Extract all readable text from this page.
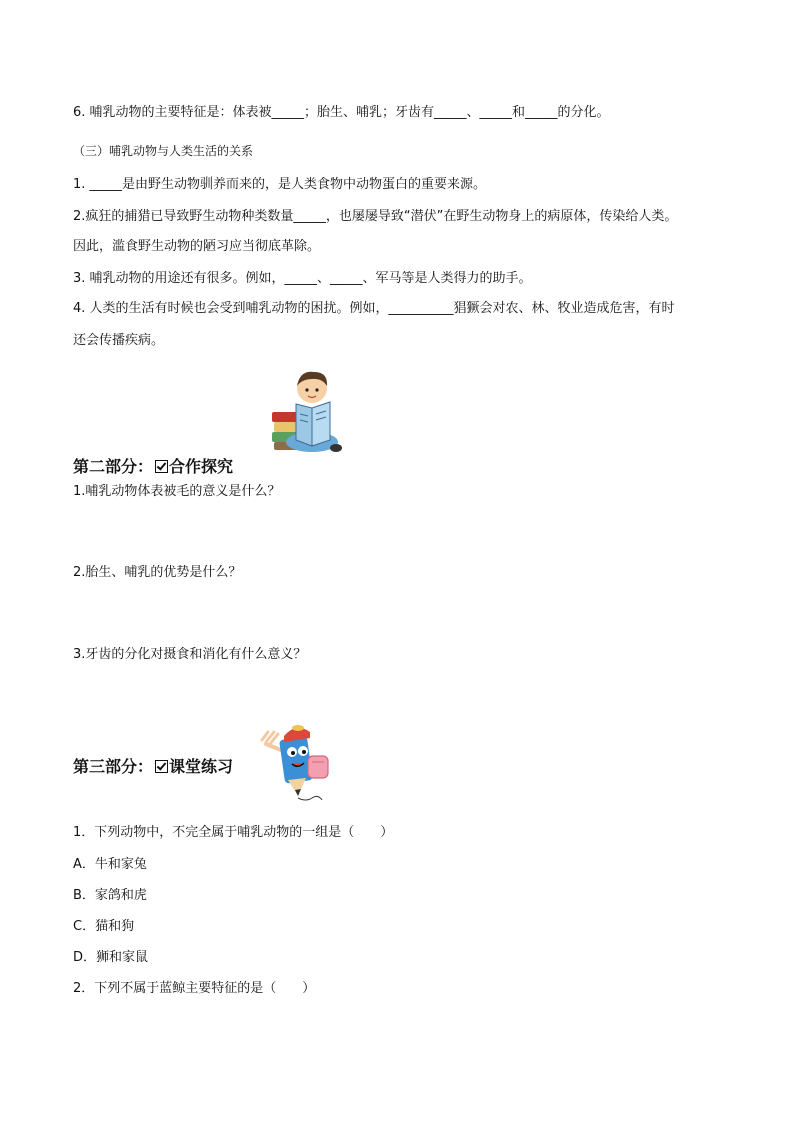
6. 哺乳动物的主要特征是：体表被_____；胎生、哺乳；牙齿有_____、_____和_____的分化。
（三）哺乳动物与人类生活的关系
1. _____是由野生动物驯养而来的，是人类食物中动物蛋白的重要来源。
2.疯狂的捕猎已导致野生动物种类数量_____，也屡屡导致“潜伏”在野生动物身上的病原体，传染给人类。
因此，滥食野生动物的陋习应当彻底革除。
3. 哺乳动物的用途还有很多。例如，_____、_____、军马等是人类得力的助手。
4. 人类的生活有时候也会受到哺乳动物的困扰。例如，__________猖獗会对农、林、牧业造成危害，有时
还会传播疾病。
第二部分： 合作探究
1.哺乳动物体表被毛的意义是什么？
2.胎生、哺乳的优势是什么？
3.牙齿的分化对摄食和消化有什么意义？
第三部分： 课堂练习
1．下列动物中，不完全属于哺乳动物的一组是（　　）
A．牛和家兔
B．家鸽和虎
C．猫和狗
D．狮和家鼠
2．下列不属于蓝鲸主要特征的是（　　）
